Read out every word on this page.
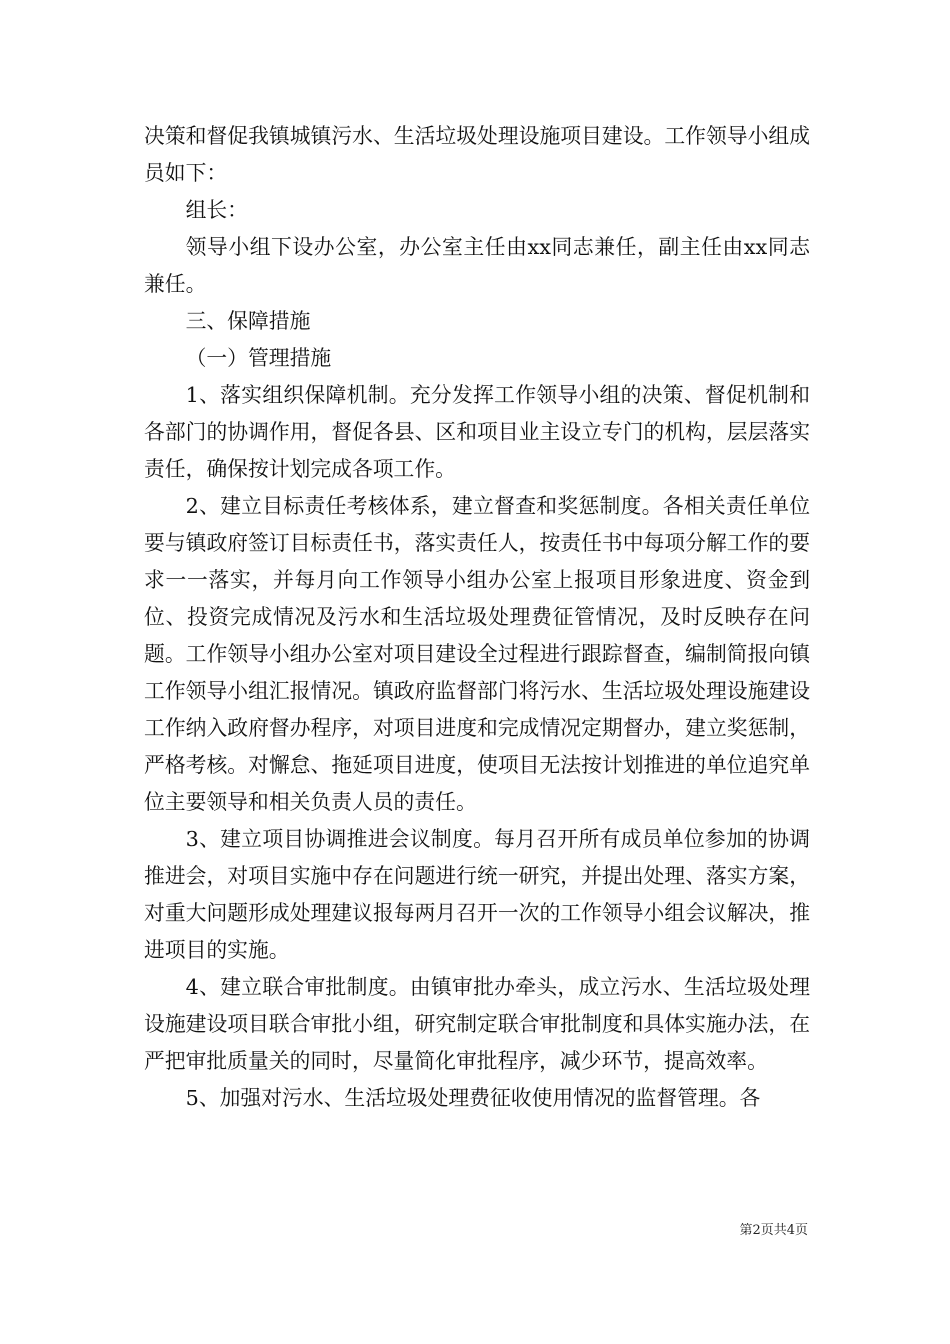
决策和督促我镇城镇污水、生活垃圾处理设施项目建设。工作领导小组成员如下：

组长：

领导小组下设办公室，办公室主任由xx同志兼任，副主任由xx同志兼任。

三、保障措施

（一）管理措施

1、落实组织保障机制。充分发挥工作领导小组的决策、督促机制和各部门的协调作用，督促各县、区和项目业主设立专门的机构，层层落实责任，确保按计划完成各项工作。

2、建立目标责任考核体系，建立督查和奖惩制度。各相关责任单位要与镇政府签订目标责任书，落实责任人，按责任书中每项分解工作的要求一一落实，并每月向工作领导小组办公室上报项目形象进度、资金到位、投资完成情况及污水和生活垃圾处理费征管情况，及时反映存在问题。工作领导小组办公室对项目建设全过程进行跟踪督查，编制简报向镇工作领导小组汇报情况。镇政府监督部门将污水、生活垃圾处理设施建设工作纳入政府督办程序，对项目进度和完成情况定期督办，建立奖惩制，严格考核。对懈怠、拖延项目进度，使项目无法按计划推进的单位追究单位主要领导和相关负责人员的责任。

3、建立项目协调推进会议制度。每月召开所有成员单位参加的协调推进会，对项目实施中存在问题进行统一研究，并提出处理、落实方案，对重大问题形成处理建议报每两月召开一次的工作领导小组会议解决，推进项目的实施。

4、建立联合审批制度。由镇审批办牵头，成立污水、生活垃圾处理设施建设项目联合审批小组，研究制定联合审批制度和具体实施办法，在严把审批质量关的同时，尽量简化审批程序，减少环节，提高效率。

5、加强对污水、生活垃圾处理费征收使用情况的监督管理。各

第2页共4页
